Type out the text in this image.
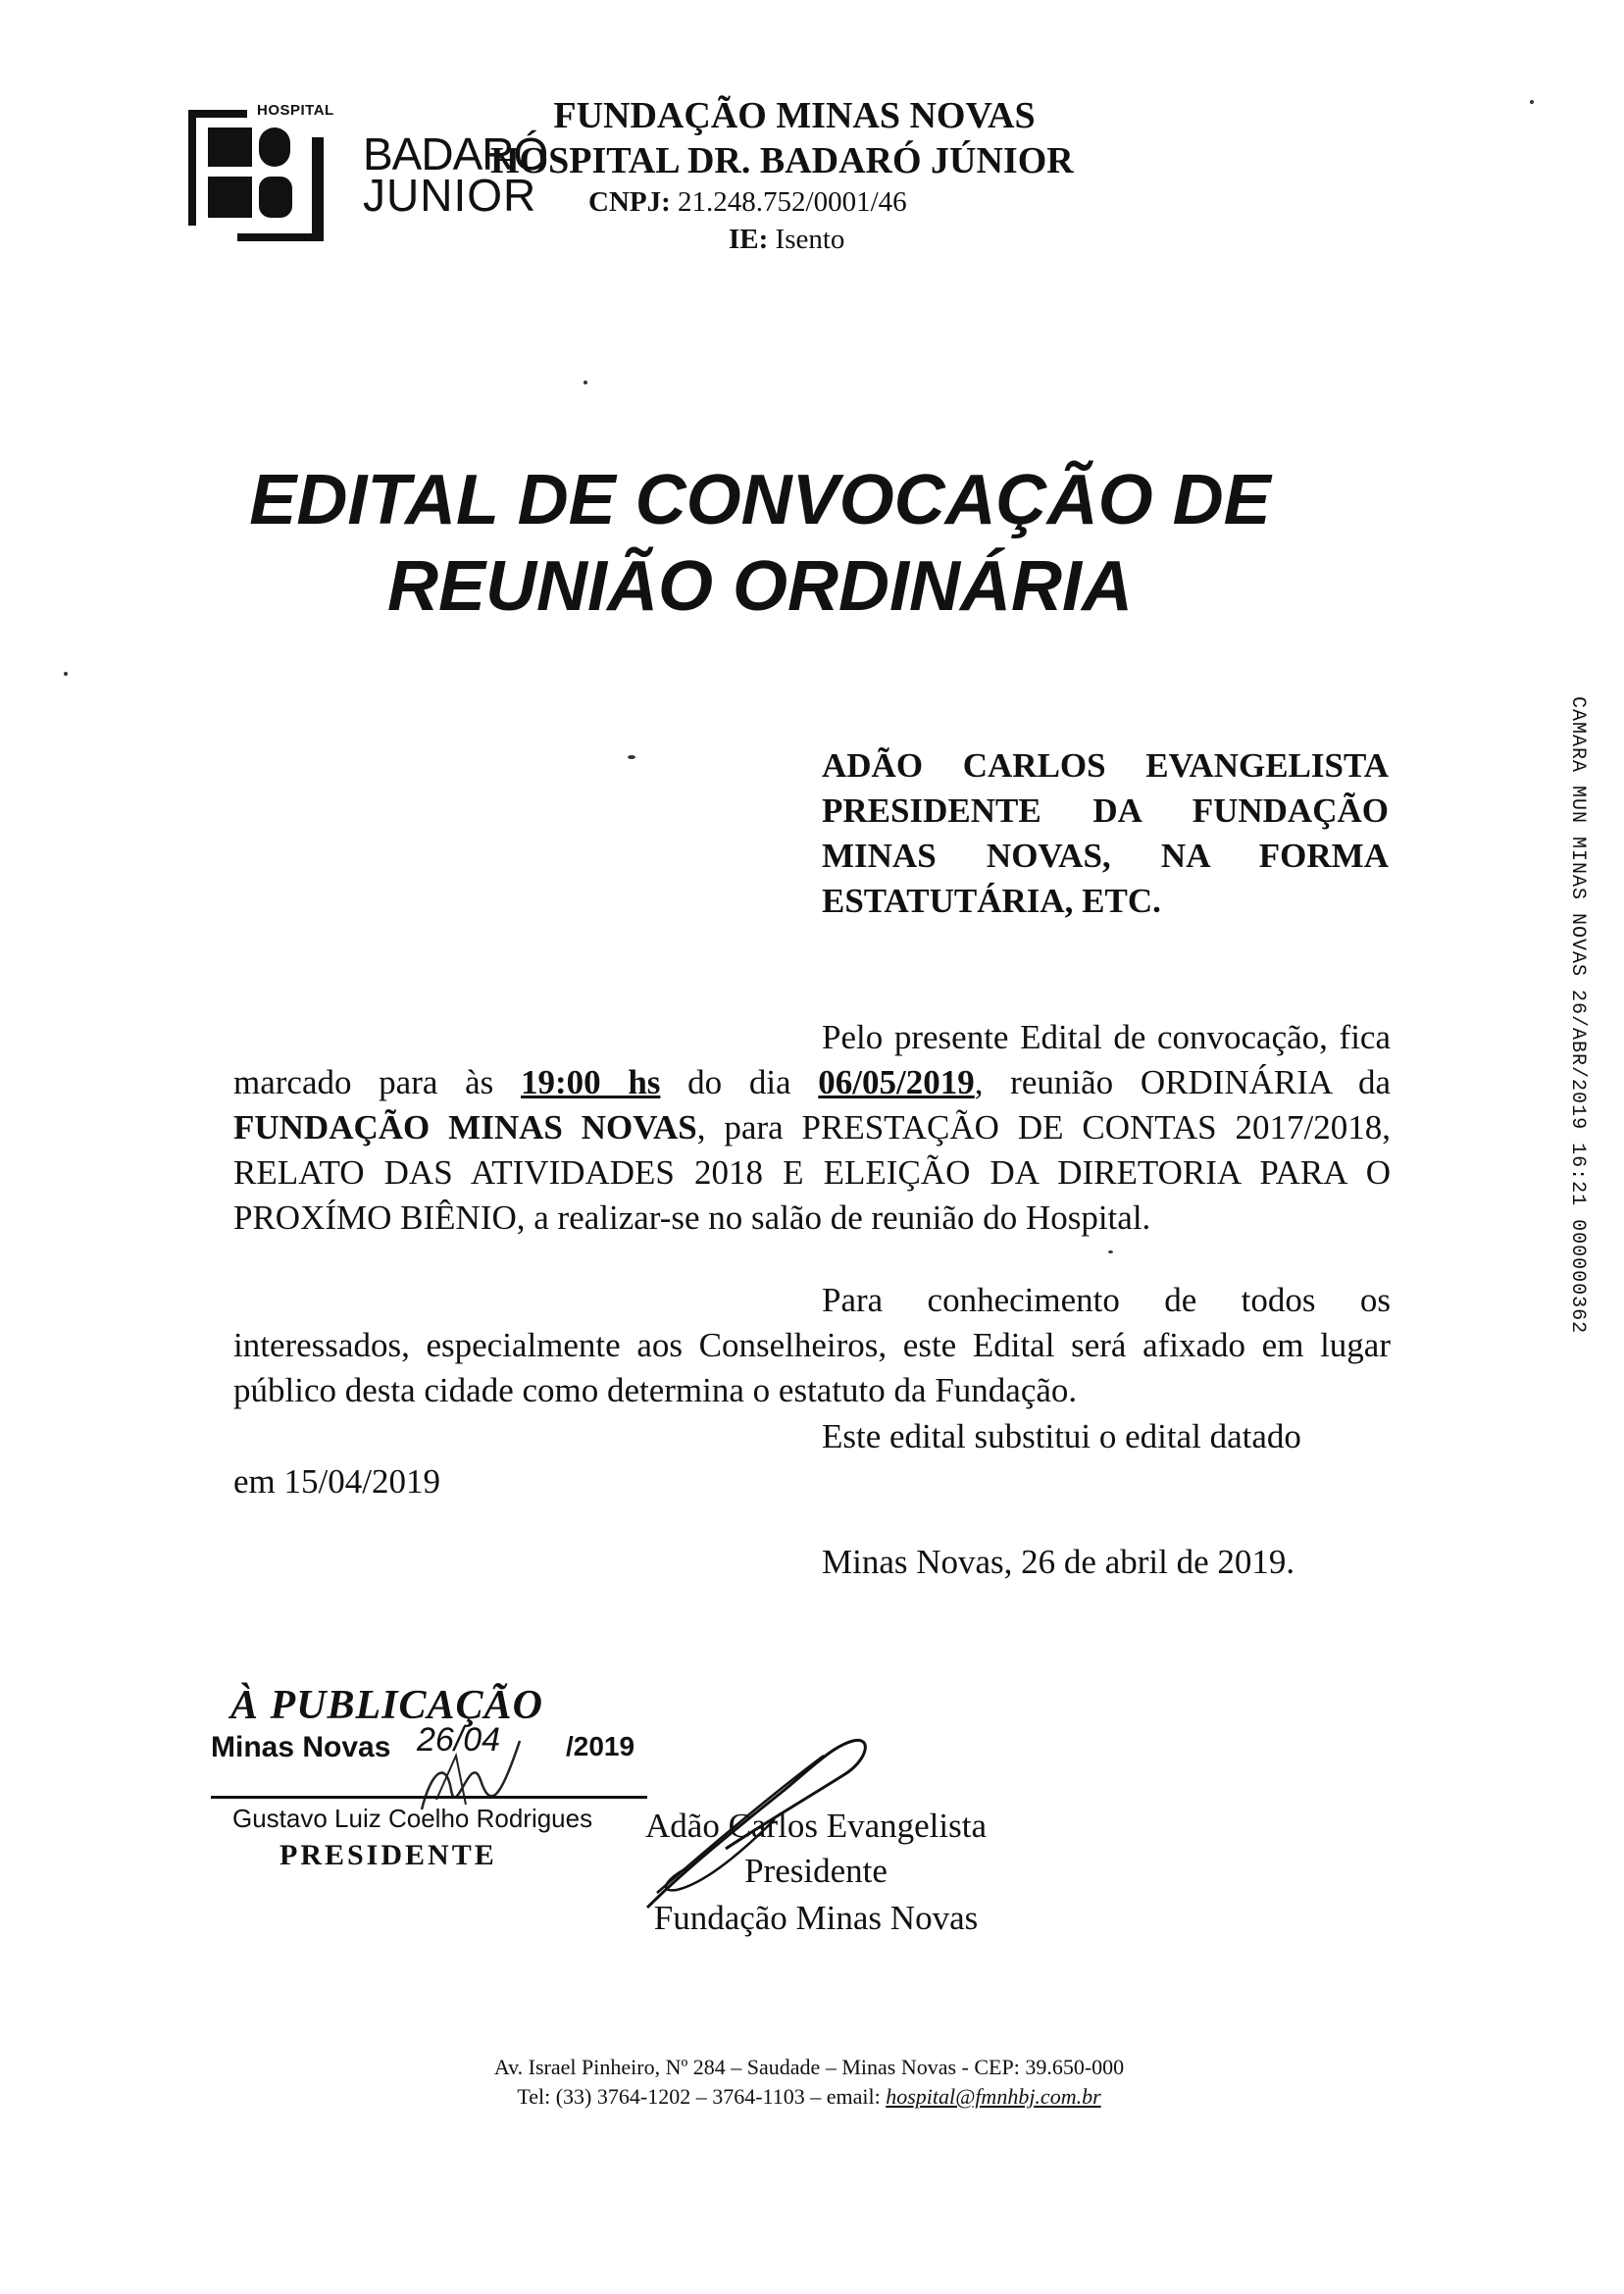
HOSPITAL
BADARÓ
JUNIOR
FUNDAÇÃO MINAS NOVAS
HOSPITAL DR. BADARÓ JÚNIOR
CNPJ: 21.248.752/0001/46
IE: Isento
EDITAL DE CONVOCAÇÃO DE
REUNIÃO ORDINÁRIA
ADÃO CARLOS EVANGELISTA
PRESIDENTE DA FUNDAÇÃO
MINAS NOVAS, NA FORMA
ESTATUTÁRIA, ETC.
Pelo presente Edital de convocação, fica marcado para às 19:00 hs do dia 06/05/2019, reunião ORDINÁRIA da FUNDAÇÃO MINAS NOVAS, para PRESTAÇÃO DE CONTAS 2017/2018, RELATO DAS ATIVIDADES 2018 E ELEIÇÃO DA DIRETORIA PARA O PROXÍMO BIÊNIO, a realizar-se no salão de reunião do Hospital.
Para conhecimento de todos os interessados, especialmente aos Conselheiros, este Edital será afixado em lugar público desta cidade como determina o estatuto da Fundação.
Este edital substitui o edital datado
em 15/04/2019
Minas Novas, 26 de abril de 2019.
À PUBLICAÇÃO
Minas Novas 26/04 /2019
Gustavo Luiz Coelho Rodrigues
PRESIDENTE
Adão Carlos Evangelista
Presidente
Fundação Minas Novas
Av. Israel Pinheiro, Nº 284 – Saudade – Minas Novas - CEP: 39.650-000
Tel: (33) 3764-1202 – 3764-1103 – email: hospital@fmnhbj.com.br
CAMARA MUN MINAS NOVAS 26/ABR/2019 16:21 000000362
